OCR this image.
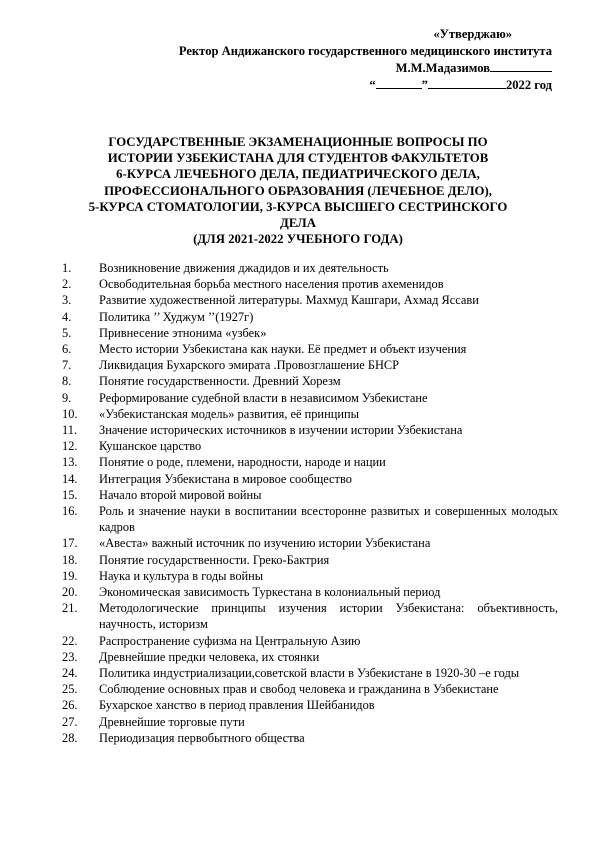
«Утверджаю»
Ректор Андижанского государственного медицинского института
М.М.Мадазимов
“	”	2022 год
ГОСУДАРСТВЕННЫЕ ЭКЗАМЕНАЦИОННЫЕ ВОПРОСЫ ПО
ИСТОРИИ УЗБЕКИСТАНА ДЛЯ СТУДЕНТОВ ФАКУЛЬТЕТОВ
6-КУРСА ЛЕЧЕБНОГО ДЕЛА, ПЕДИАТРИЧЕСКОГО ДЕЛА,
ПРОФЕССИОНАЛЬНОГО ОБРАЗОВАНИЯ (ЛЕЧЕБНОЕ ДЕЛО),
5-КУРСА СТОМАТОЛОГИИ, 3-КУРСА ВЫСШЕГО СЕСТРИНСКОГО
ДЕЛА
(ДЛЯ 2021-2022 УЧЕБНОГО ГОДА)
1.	Возникновение движения джадидов и их деятельность
2.	Освободительная борьба местного населения против ахеменидов
3.	Развитие художественной литературы. Махмуд Кашгари, Ахмад Яссави
4.	Политика ’’ Худжум ’’(1927г)
5.	Привнесение этнонима «узбек»
6.	Место истории Узбекистана как науки. Её предмет и объект изучения
7.	Ликвидация Бухарского эмирата .Провозглашение БНСР
8.	Понятие государственности. Древний Хорезм
9.	Реформирование судебной власти в независимом Узбекистане
10.	«Узбекистанская модель» развития, её принципы
11.	Значение исторических источников в изучении истории Узбекистана
12.	Кушанское царство
13.	Понятие о роде, племени, народности, народе и нации
14.	Интеграция Узбекистана в мировое сообщество
15.	Начало второй мировой войны
16.	Роль и значение науки в воспитании всесторонне развитых и совершенных молодых кадров
17.	«Авеста» важный источник по изучению истории Узбекистана
18.	Понятие государственности. Греко-Бактрия
19.	Наука и культура в годы войны
20.	Экономическая зависимость Туркестана в колониальный период
21.	Методологические принципы изучения истории Узбекистана: объективность, научность, историзм
22.	Распространение суфизма на Центральную Азию
23.	Древнейшие предки человека, их стоянки
24.	Политика индустриализации,советской власти в Узбекистане в 1920-30 –е годы
25.	Соблюдение основных прав и свобод человека и гражданина в Узбекистане
26.	Бухарское ханство в период правления Шейбанидов
27.	Древнейшие торговые пути
28.	Периодизация первобытного общества
